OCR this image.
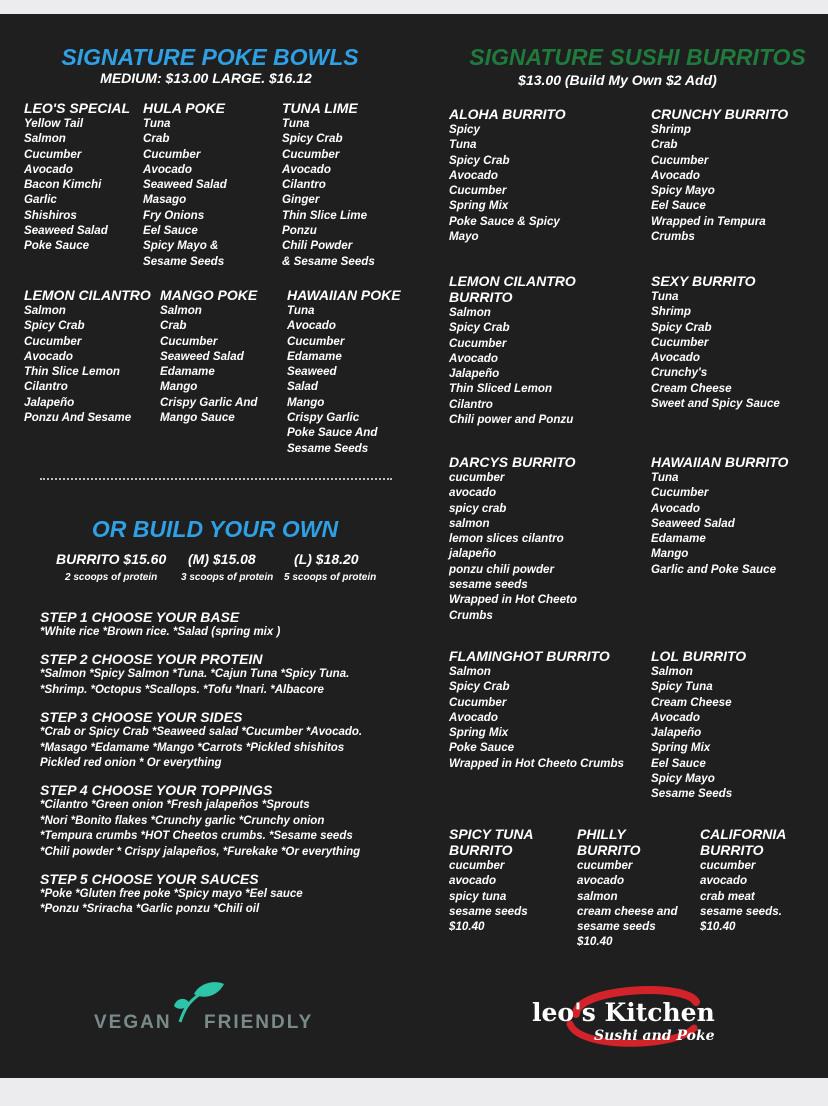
SIGNATURE POKE BOWLS
MEDIUM: $13.00 LARGE. $16.12
LEO'S SPECIAL
Yellow Tail
Salmon
Cucumber
Avocado
Bacon Kimchi
Garlic
Shishiros
Seaweed Salad
Poke Sauce
HULA POKE
Tuna
Crab
Cucumber
Avocado
Seaweed Salad
Masago
Fry Onions
Eel Sauce
Spicy Mayo &
Sesame Seeds
TUNA LIME
Tuna
Spicy Crab
Cucumber
Avocado
Cilantro
Ginger
Thin Slice Lime
Ponzu
Chili Powder
& Sesame Seeds
LEMON CILANTRO
Salmon
Spicy Crab
Cucumber
Avocado
Thin Slice Lemon
Cilantro
Jalapeño
Ponzu And Sesame
MANGO POKE
Salmon
Crab
Cucumber
Seaweed Salad
Edamame
Mango
Crispy Garlic And
Mango Sauce
HAWAIIAN POKE
Tuna
Avocado
Cucumber
Edamame
Seaweed
Salad
Mango
Crispy Garlic
Poke Sauce And
Sesame Seeds
OR BUILD YOUR OWN
BURRITO $15.60 (M) $15.08	(L) $18.20
2 scoops of protein 3 scoops of protein 5 scoops of protein
STEP 1 CHOOSE YOUR BASE
*White rice *Brown rice. *Salad (spring mix )
STEP 2 CHOOSE YOUR PROTEIN
*Salmon *Spicy Salmon *Tuna. *Cajun Tuna *Spicy Tuna.
*Shrimp. *Octopus *Scallops. *Tofu *Inari. *Albacore
STEP 3 CHOOSE YOUR SIDES
*Crab or Spicy Crab *Seaweed salad *Cucumber *Avocado.
*Masago *Edamame *Mango *Carrots *Pickled shishitos
Pickled red onion * Or everything
STEP 4 CHOOSE YOUR TOPPINGS
*Cilantro *Green onion *Fresh jalapeños *Sprouts
*Nori *Bonito flakes *Crunchy garlic *Crunchy onion
*Tempura crumbs *HOT Cheetos crumbs. *Sesame seeds
*Chili powder * Crispy jalapeños, *Furekake *Or everything
STEP 5 CHOOSE YOUR SAUCES
*Poke *Gluten free poke *Spicy mayo *Eel sauce
*Ponzu *Sriracha *Garlic ponzu *Chili oil
SIGNATURE SUSHI BURRITOS
$13.00 (Build My Own $2 Add)
ALOHA BURRITO
Spicy
Tuna
Spicy Crab
Avocado
Cucumber
Spring Mix
Poke Sauce & Spicy
Mayo
CRUNCHY BURRITO
Shrimp
Crab
Cucumber
Avocado
Spicy Mayo
Eel Sauce
Wrapped in Tempura
Crumbs
LEMON CILANTRO
BURRITO
Salmon
Spicy Crab
Cucumber
Avocado
Jalapeño
Thin Sliced Lemon
Cilantro
Chili power and Ponzu
SEXY BURRITO
Tuna
Shrimp
Spicy Crab
Cucumber
Avocado
Crunchy's
Cream Cheese
Sweet and Spicy Sauce
DARCYS BURRITO
cucumber
avocado
spicy crab
salmon
lemon slices cilantro
jalapeño
ponzu chili powder
sesame seeds
Wrapped in Hot Cheeto
Crumbs
HAWAIIAN BURRITO
Tuna
Cucumber
Avocado
Seaweed Salad
Edamame
Mango
Garlic and Poke Sauce
FLAMINGHOT BURRITO
Salmon
Spicy Crab
Cucumber
Avocado
Spring Mix
Poke Sauce
Wrapped in Hot Cheeto Crumbs
LOL BURRITO
Salmon
Spicy Tuna
Cream Cheese
Avocado
Jalapeño
Spring Mix
Eel Sauce
Spicy Mayo
Sesame Seeds
SPICY TUNA
BURRITO
cucumber
avocado
spicy tuna
sesame seeds
$10.40
PHILLY
BURRITO
cucumber
avocado
salmon
cream cheese and
sesame seeds
$10.40
CALIFORNIA
BURRITO
cucumber
avocado
crab meat
sesame seeds.
$10.40
VEGAN FRIENDLY	leo's Kitchen
Sushi and Poke
